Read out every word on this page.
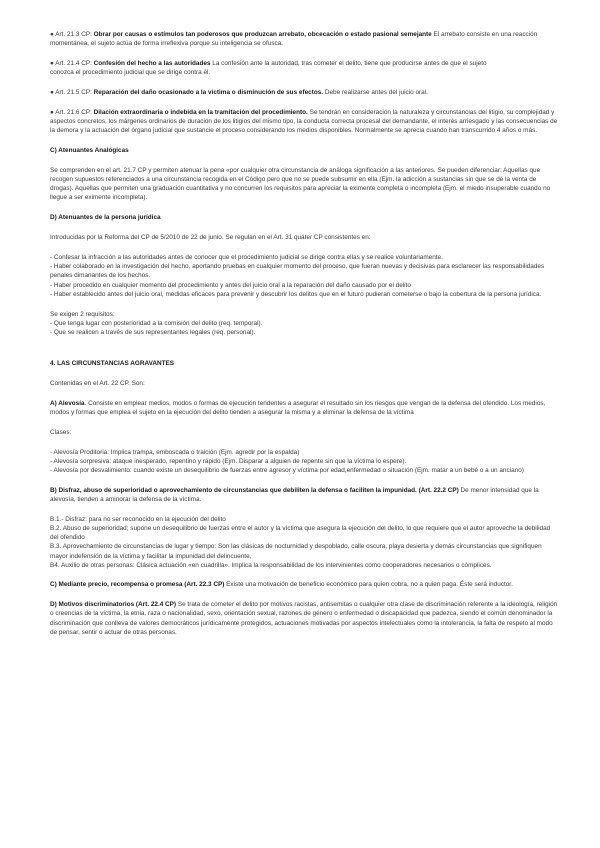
● Art. 21.3 CP: Obrar por causas o estímulos tan poderosos que produzcan arrebato, obcecación o estado pasional semejante El arrebato consiste en una reacción momentánea, el sujeto actúa de forma irreflexiva porque su inteligencia se ofusca.

● Art. 21.4 CP: Confesión del hecho a las autoridades La confesión ante la autoridad, tras cometer el delito, tiene que producirse antes de que el sujeto
conozca el procedimiento judicial que se dirige contra él.

● Art. 21.5 CP: Reparación del daño ocasionado a la víctima o disminución de sus efectos. Debe realizarse antes del juicio oral.

● Art. 21.6 CP: Dilación extraordinaria o indebida en la tramitación del procedimiento. Se tendrán en consideración la naturaleza y circunstancias del litigio, su complejidad y aspectos concretos, los márgenes ordinarios de duración de los litigios del mismo tipo, la conducta correcta procesal del demandante, el interés arriesgado y las consecuencias de la demora y la actuación del órgano judicial que sustancie el proceso considerando los medios disponibles. Normalmente se aprecia cuando han transcurrido 4 años o más.

C) Atenuantes Analógicas

Se comprenden en el art. 21.7 CP y permiten atenuar la pena «por cualquier otra circunstancia de análoga significación a las anteriores. Se pueden diferenciar: Aquellas que recogen supuestos referenciados a una circunstancia recogida en el Código pero que no se puede subsumir en ella (Ejm. la adicción a sustancias sin que se dé la venta de drogas). Aquellas que permiten una graduación cuantitativa y no concurren los requisitos para apreciar la eximente completa o incompleta (Ejm. el miedo insuperable cuando no llegue a ser eximente incompleta).

D) Atenuantes de la persona jurídica

Introducidas por la Reforma del CP de 5/2010 de 22 de junio. Se regulan en el Art. 31 quáter CP consistentes en:

- Confesar la infracción a las autoridades antes de conocer que el procedimiento judicial se dirige contra ellas y se realice voluntariamente.

- Haber colaborado en la investigación del hecho, aportando pruebas en cualquier momento del proceso, que fueran nuevas y decisivas para esclarecer las responsabilidades penales dimanantes de los hechos.

- Haber procedido en cualquier momento del procedimiento y antes del juicio oral a la reparación del daño causado por el delito

- Haber establecido antes del juicio oral, medidas eficaces para prevenir y descubrir los delitos que en el futuro pudieran cometerse o bajo la cobertura de la persona jurídica.

Se exigen 2 requisitos:

- Que tenga lugar con posterioridad a la comisión del delito (req. temporal).

- Que se realicen a través de sus representantes legales (req. personal).

4. LAS CIRCUNSTANCIAS AGRAVANTES

Contenidas en el Art. 22 CP. Son:

A) Alevosía. Consiste en emplear medios, modos o formas de ejecución tendentes a asegurar el resultado sin los riesgos que vengan de la defensa del ofendido. Los medios, modos y formas que emplea el sujeto en la ejecución del delito tienden a asegurar la misma y a eliminar la defensa de la víctima

Clases:

- Alevosía Proditoria: Implica trampa, emboscada o traición (Ejm. agredir por la espalda)

- Alevosía sorpresiva: ataque inesperado, repentino y rápido (Ejm. Disparar a alguien de repente sin que la víctima lo espere).

- Alevosía por desvalimiento: cuando existe un desequilibrio de fuerzas entre agresor y víctima por edad,enfermedad o situación (Ejm. matar a un bebé o a un anciano)

B) Disfraz, abuso de superioridad o aprovechamiento de circunstancias que debiliten la defensa o faciliten la impunidad. (Art. 22.2 CP) De menor intensidad que la alevosía, tienden a aminorar la defensa de la víctima.

B.1.- Disfraz: para no ser reconocido en la ejecución del delito

B.2. Abuso de superioridad; supone un desequilibrio de fuerzas entre el autor y la víctima que asegura la ejecución del delito, lo que requiere que el autor aproveche la debilidad del ofendido

B.3. Aprovechamiento de circunstancias de lugar y tiempo: Son las clásicas de nocturnidad y despoblado, calle oscura, playa desierta y demás circunstancias que signifiquen mayor indefensión de la víctima y facilitar la impunidad del delincuente,

B4. Auxilio de otras personas: Clásica actuación «en cuadrilla». Implica la responsabilidad de los intervinientes como cooperadores necesarios o cómplices.

C) Mediante precio, recompensa o promesa (Art. 22.3 CP) Existe una motivación de beneficio económico para quien cobra, no a quien paga. Éste será inductor.

D) Motivos discriminatorios (Art. 22.4 CP) Se trata de cometer el delito por motivos racistas, antisemitas o cualquier otra clase de discriminación referente a la ideología, religión o creencias de la víctima, la etnia, raza o nacionalidad, sexo, orientación sexual, razones de género o enfermedad o discapacidad que padezca, siendo el común denominador la discriminación que conlleva de valores democráticos jurídicamente protegidos, actuaciones motivadas por aspectos intelectuales como la intolerancia, la falta de respeto al modo de pensar, sentir o actuar de otras personas.
